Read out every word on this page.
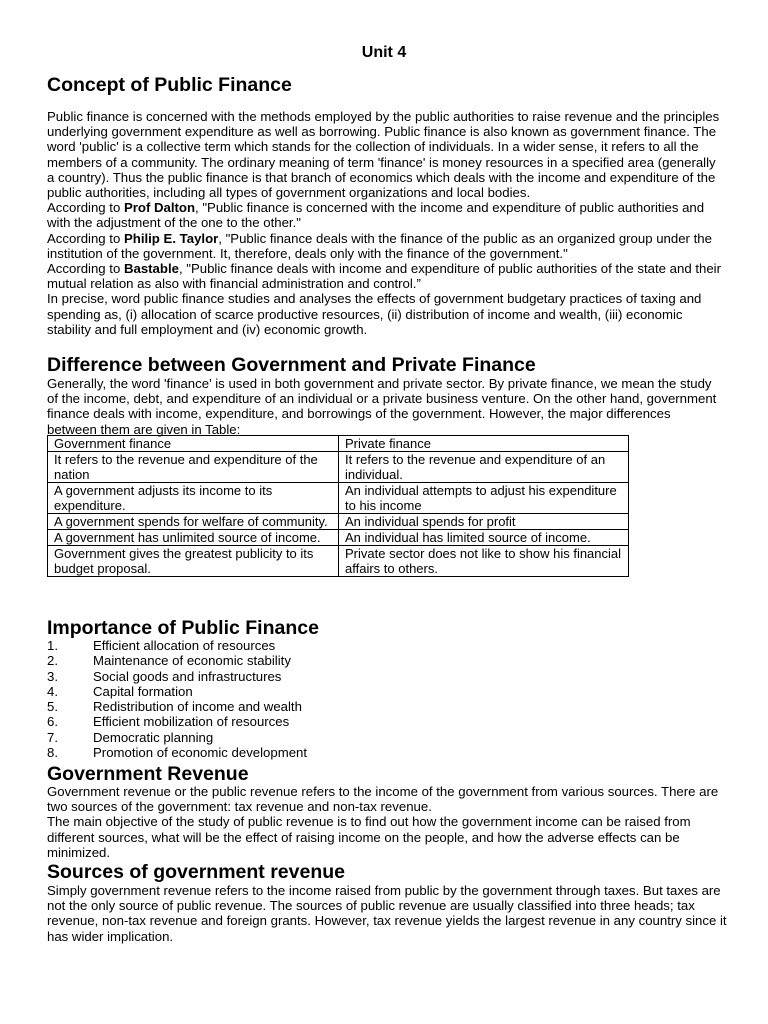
Unit 4
Concept of Public Finance

Public finance is concerned with the methods employed by the public authorities to raise revenue and the principles underlying government expenditure as well as borrowing. Public finance is also known as government finance. The word 'public' is a collective term which stands for the collection of individuals. In a wider sense, it refers to all the members of a community. The ordinary meaning of term 'finance' is money resources in a specified area (generally a country). Thus the public finance is that branch of economics which deals with the income and expenditure of the public authorities, including all types of government organizations and local bodies.

According to Prof Dalton, "Public finance is concerned with the income and expenditure of public authorities and with the adjustment of the one to the other."

According to Philip E. Taylor, "Public finance deals with the finance of the public as an organized group under the institution of the government. It, therefore, deals only with the finance of the government."

According to Bastable, "Public finance deals with income and expenditure of public authorities of the state and their mutual relation as also with financial administration and control.”

In precise, word public finance studies and analyses the effects of government budgetary practices of taxing and spending as, (i) allocation of scarce productive resources, (ii) distribution of income and wealth, (iii) economic stability and full employment and (iv) economic growth.

Difference between Government and Private Finance

Generally, the word 'finance' is used in both government and private sector. By private finance, we mean the study of the income, debt, and expenditure of an individual or a private business venture. On the other hand, government finance deals with income, expenditure, and borrowings of the government. However, the major differences between them are given in Table:

Government finance	Private finance
It refers to the revenue and expenditure of the nation	It refers to the revenue and expenditure of an individual.
A government adjusts its income to its expenditure.	An individual attempts to adjust his expenditure to his income
A government spends for welfare of community.	An individual spends for profit
A government has unlimited source of income.	An individual has limited source of income.
Government gives the greatest publicity to its budget proposal.	Private sector does not like to show his financial affairs to others.
Importance of Public Finance
1.	Efficient allocation of resources
2.	Maintenance of economic stability
3.	Social goods and infrastructures
4.	Capital formation
5.	Redistribution of income and wealth
6.	Efficient mobilization of resources
7.	Democratic planning
8.	Promotion of economic development
Government Revenue

Government revenue or the public revenue refers to the income of the government from various sources. There are two sources of the government: tax revenue and non-tax revenue.

The main objective of the study of public revenue is to find out how the government income can be raised from different sources, what will be the effect of raising income on the people, and how the adverse effects can be minimized.

Sources of government revenue

Simply government revenue refers to the income raised from public by the government through taxes. But taxes are not the only source of public revenue. The sources of public revenue are usually classified into three heads; tax revenue, non-tax revenue and foreign grants. However, tax revenue yields the largest revenue in any country since it has wider implication.
